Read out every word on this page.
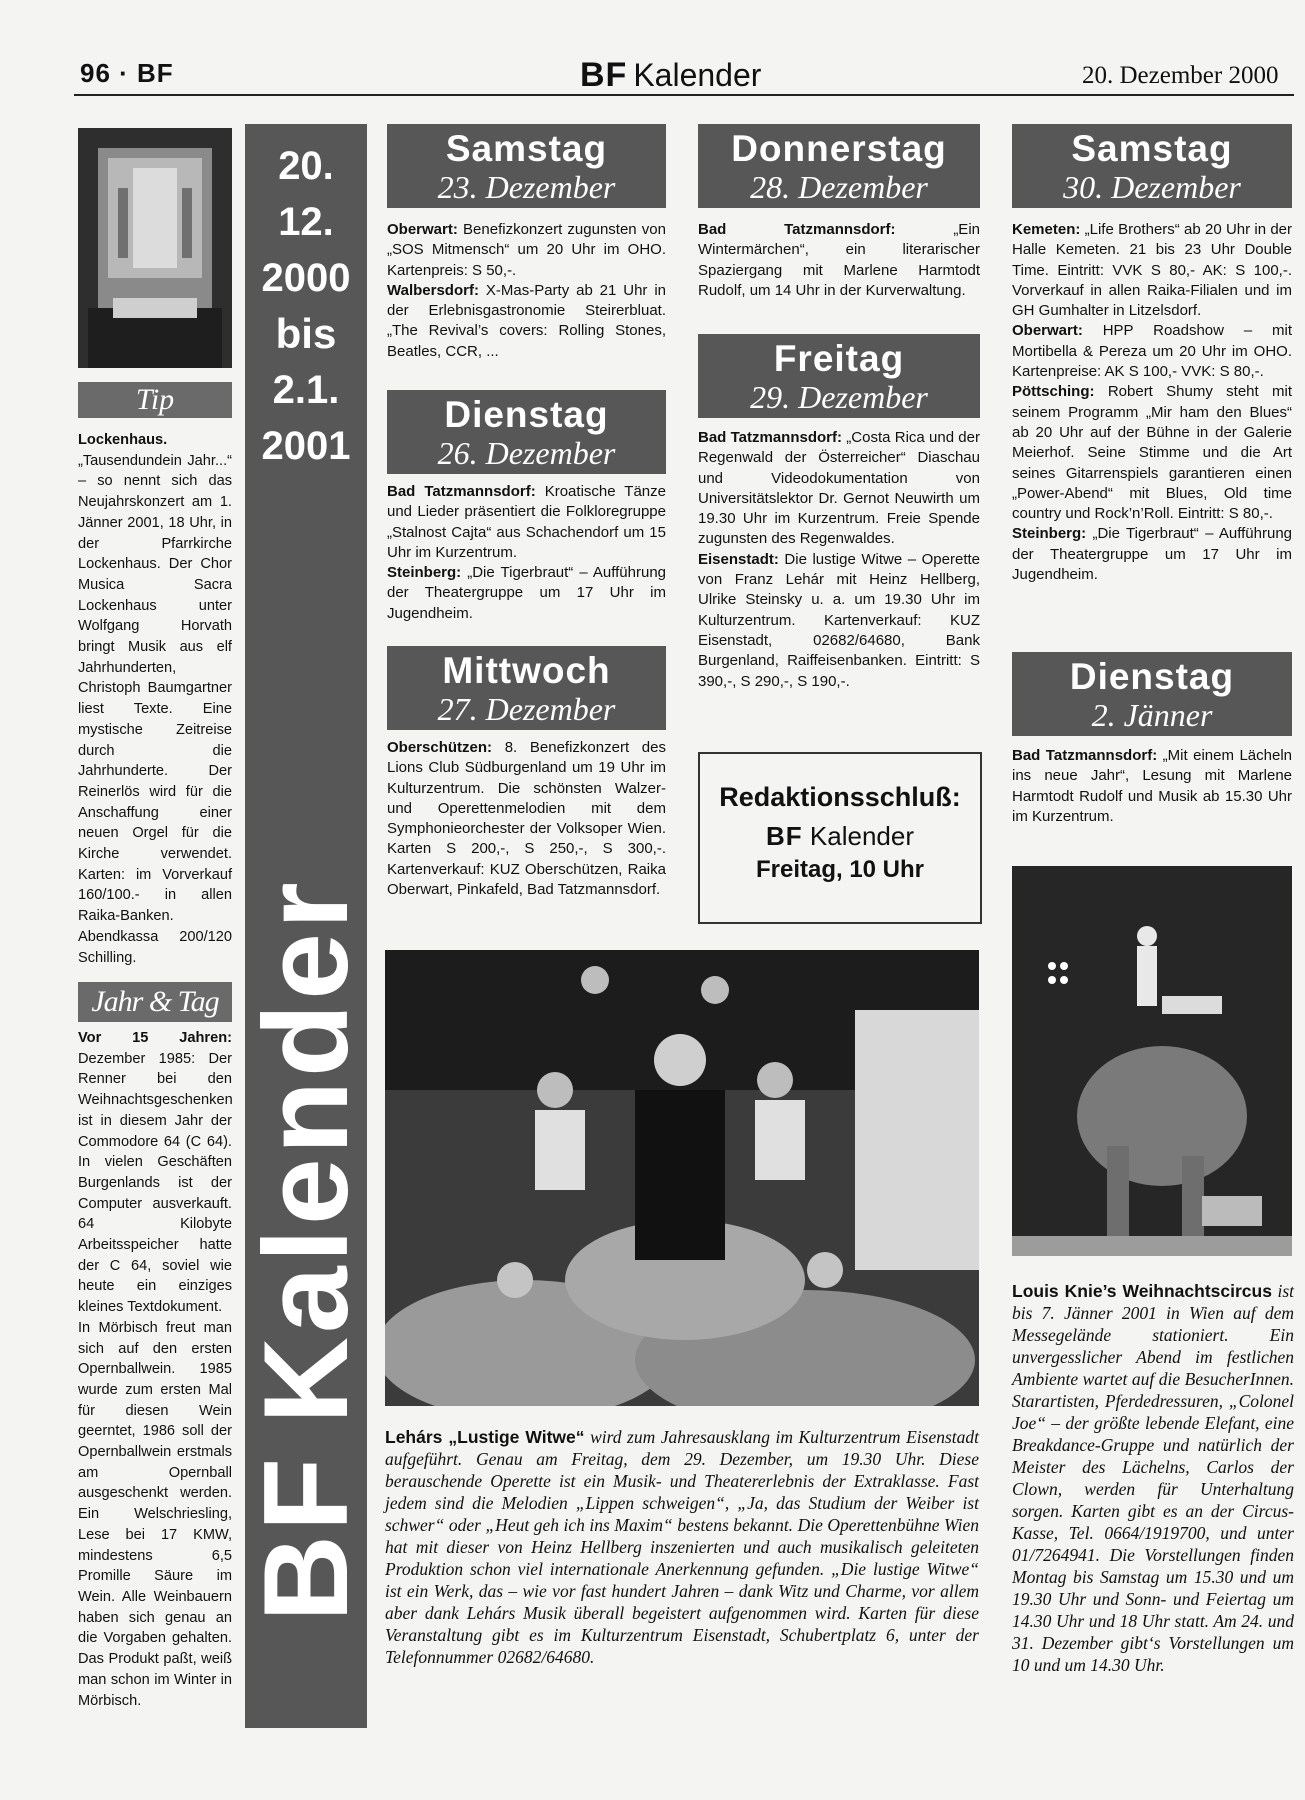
96 · BF	BF Kalender	20. Dezember 2000
Tip
Lockenhaus. „Tausendundein Jahr...“ – so nennt sich das Neujahrskonzert am 1. Jänner 2001, 18 Uhr, in der Pfarrkirche Lockenhaus. Der Chor Musica Sacra Lockenhaus unter Wolfgang Horvath bringt Musik aus elf Jahrhunderten, Christoph Baumgartner liest Texte. Eine mystische Zeitreise durch die Jahrhunderte. Der Reinerlös wird für die Anschaffung einer neuen Orgel für die Kirche verwendet. Karten: im Vorverkauf 160/100.- in allen Raika-Banken. Abendkassa 200/120 Schilling.
Jahr & Tag
Vor 15 Jahren: Dezember 1985: Der Renner bei den Weihnachtsgeschenken ist in diesem Jahr der Commodore 64 (C 64). In vielen Geschäften Burgenlands ist der Computer ausverkauft. 64 Kilobyte Arbeitsspeicher hatte der C 64, soviel wie heute ein einziges kleines Textdokument.
In Mörbisch freut man sich auf den ersten Opernballwein. 1985 wurde zum ersten Mal für diesen Wein geerntet, 1986 soll der Opernballwein erstmals am Opernball ausgeschenkt werden. Ein Welschriesling, Lese bei 17 KMW, mindestens 6,5 Promille Säure im Wein. Alle Weinbauern haben sich genau an die Vorgaben gehalten. Das Produkt paßt, weiß man schon im Winter in Mörbisch.
20. 12.
2000
bis
2.1.
2001
BFKalender
Samstag
23. Dezember
Oberwart: Benefizkonzert zugunsten von „SOS Mitmensch“ um 20 Uhr im OHO. Kartenpreis: S 50,-.
Walbersdorf: X-Mas-Party ab 21 Uhr in der Erlebnisgastronomie Steirerbluat. „The Revival’s covers: Rolling Stones, Beatles, CCR, ...
Dienstag
26. Dezember
Bad Tatzmannsdorf: Kroatische Tänze und Lieder präsentiert die Folkloregruppe „Stalnost Cajta“ aus Schachendorf um 15 Uhr im Kurzentrum.
Steinberg: „Die Tigerbraut“ – Aufführung der Theatergruppe um 17 Uhr im Jugendheim.
Mittwoch
27. Dezember
Oberschützen: 8. Benefizkonzert des Lions Club Südburgenland um 19 Uhr im Kulturzentrum. Die schönsten Walzer- und Operettenmelodien mit dem Symphonieorchester der Volksoper Wien. Karten S 200,-, S 250,-, S 300,-. Kartenverkauf: KUZ Oberschützen, Raika Oberwart, Pinkafeld, Bad Tatzmannsdorf.
Donnerstag
28. Dezember
Bad Tatzmannsdorf:	„Ein Wintermärchen“, ein literarischer Spaziergang mit Marlene Harmtodt Rudolf, um 14 Uhr in der Kurverwaltung.
Freitag
29. Dezember
Bad Tatzmannsdorf: „Costa Rica und der Regenwald der Österreicher“ Diaschau und Videodokumentation von Universitätslektor Dr. Gernot Neuwirth um 19.30 Uhr im Kurzentrum. Freie Spende zugunsten des Regenwaldes.
Eisenstadt: Die lustige Witwe – Operette von Franz Lehár mit Heinz Hellberg, Ulrike Steinsky u. a. um 19.30 Uhr im Kulturzentrum. Kartenverkauf: KUZ Eisenstadt, 02682/64680, Bank Burgenland, Raiffeisenbanken. Eintritt: S 390,-, S 290,-, S 190,-.
Redaktionsschluß:
BF Kalender
Freitag, 10 Uhr
Samstag
30. Dezember
Kemeten: „Life Brothers“ ab 20 Uhr in der Halle Kemeten. 21 bis 23 Uhr Double Time. Eintritt: VVK S 80,- AK: S 100,-. Vorverkauf in allen Raika-Filialen und im GH Gumhalter in Litzelsdorf.
Oberwart: HPP Roadshow – mit Mortibella & Pereza um 20 Uhr im OHO. Kartenpreise: AK S 100,- VVK: S 80,-.
Pöttsching: Robert Shumy steht mit seinem Programm „Mir ham den Blues“ ab 20 Uhr auf der Bühne in der Galerie Meierhof. Seine Stimme und die Art seines Gitarrenspiels garantieren einen „Power-Abend“ mit Blues, Old time country und Rock’n’Roll. Eintritt: S 80,-.
Steinberg: „Die Tigerbraut“ – Aufführung der Theatergruppe um 17 Uhr im Jugendheim.
Dienstag
2. Jänner
Bad Tatzmannsdorf: „Mit einem Lächeln ins neue Jahr“, Lesung mit Marlene Harmtodt Rudolf und Musik ab 15.30 Uhr im Kurzentrum.
Lehárs „Lustige Witwe“ wird zum Jahresausklang im Kulturzentrum Eisenstadt aufgeführt. Genau am Freitag, dem 29. Dezember, um 19.30 Uhr. Diese berauschende Operette ist ein Musik- und Theatererlebnis der Extraklasse. Fast jedem sind die Melodien „Lippen schweigen“, „Ja, das Studium der Weiber ist schwer“ oder „Heut geh ich ins Maxim“ bestens bekannt. Die Operettenbühne Wien hat mit dieser von Heinz Hellberg inszenierten und auch musikalisch geleiteten Produktion schon viel internationale Anerkennung gefunden. „Die lustige Witwe“ ist ein Werk, das – wie vor fast hundert Jahren – dank Witz und Charme, vor allem aber dank Lehárs Musik überall begeistert aufgenommen wird. Karten für diese Veranstaltung gibt es im Kulturzentrum Eisenstadt, Schubertplatz 6, unter der Telefonnummer 02682/64680.
Louis Knie’s Weihnachtscircus ist bis 7. Jänner 2001 in Wien auf dem Messegelände stationiert. Ein unvergesslicher Abend im festlichen Ambiente wartet auf die BesucherInnen. Starartisten, Pferdedressuren, „Colonel Joe“ – der größte lebende Elefant, eine Breakdance-Gruppe und natürlich der Meister des Lächelns, Carlos der Clown, werden für Unterhaltung sorgen. Karten gibt es an der Circus-Kasse, Tel. 0664/1919700, und unter 01/7264941. Die Vorstellungen finden Montag bis Samstag um 15.30 und um 19.30 Uhr und Sonn- und Feiertag um 14.30 Uhr und 18 Uhr statt. Am 24. und 31. Dezember gibt‘s Vorstellungen um 10 und um 14.30 Uhr.
